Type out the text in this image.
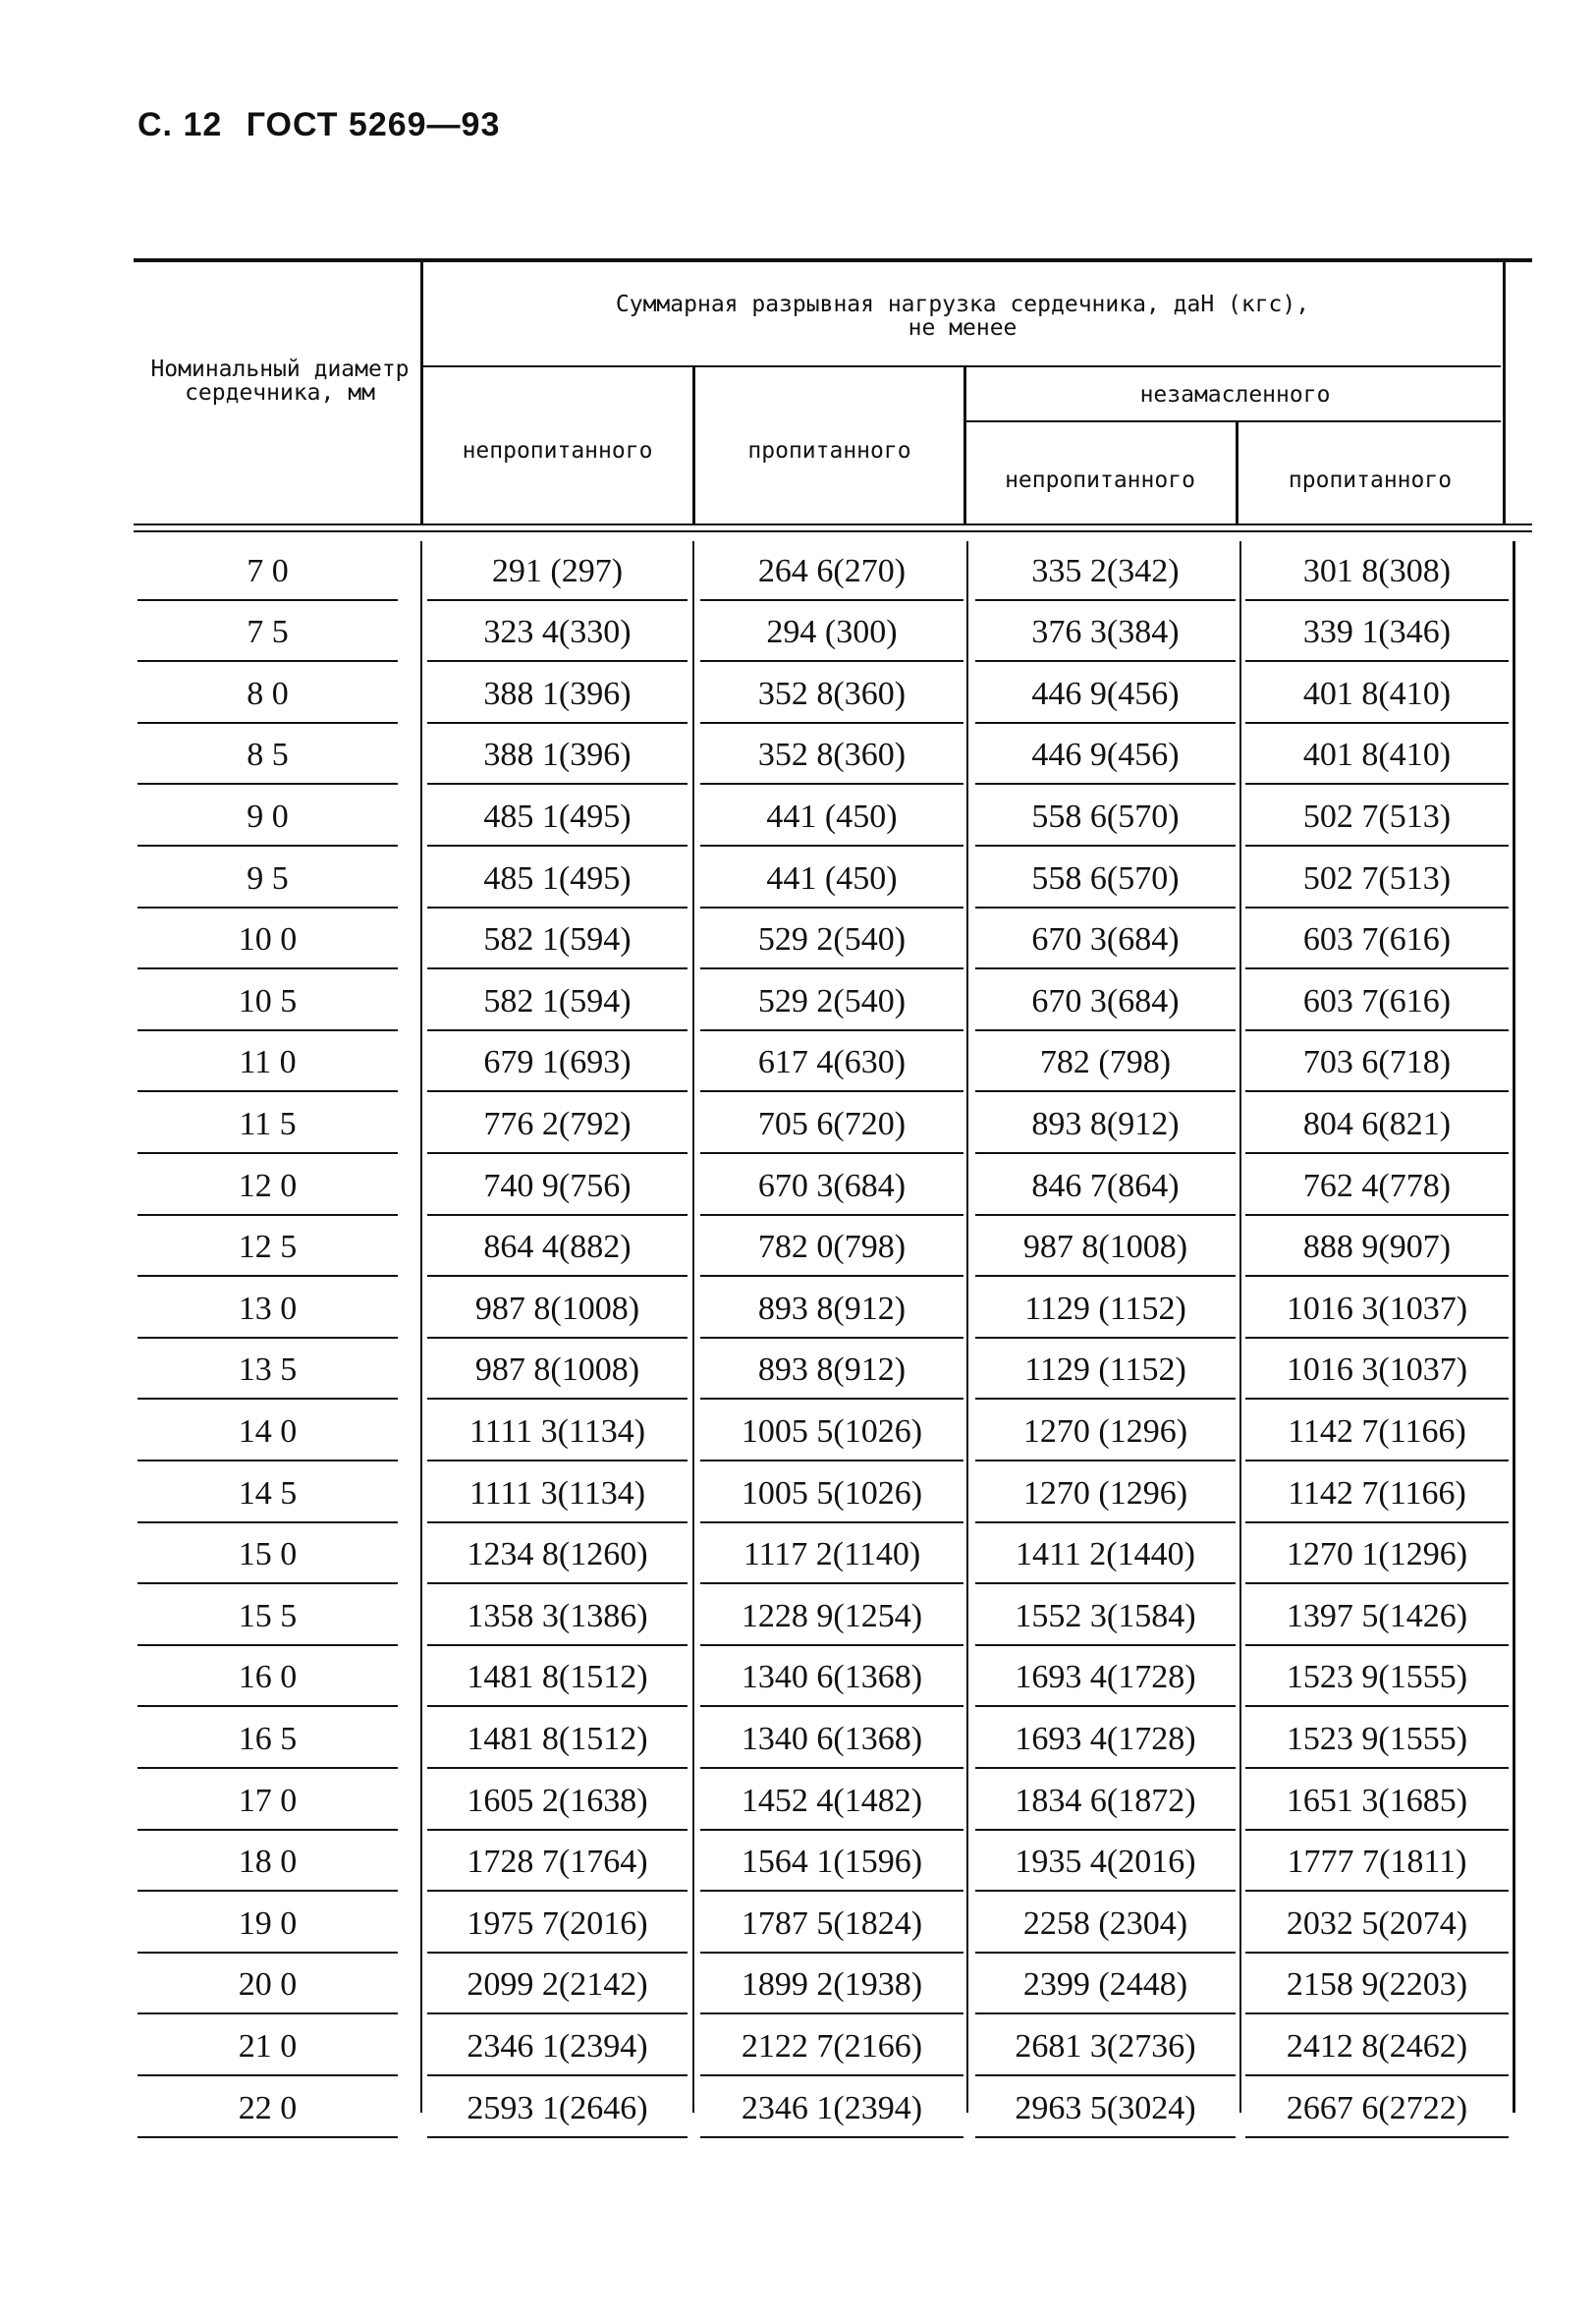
С. 12 ГОСТ 5269—93
Номинальный диаметр сердечника, мм
Суммарная разрывная нагрузка сердечника, даН (кгс),
не менее
непропитанного	пропитанного
незамасленного
непропитанного	пропитанного
7 0	291 (297)	264 6(270)	335 2(342)	301 8(308)
7 5	323 4(330)	294 (300)	376 3(384)	339 1(346)
8 0	388 1(396)	352 8(360)	446 9(456)	401 8(410)
8 5	388 1(396)	352 8(360)	446 9(456)	401 8(410)
9 0	485 1(495)	441 (450)	558 6(570)	502 7(513)
9 5	485 1(495)	441 (450)	558 6(570)	502 7(513)
10 0	582 1(594)	529 2(540)	670 3(684)	603 7(616)
10 5	582 1(594)	529 2(540)	670 3(684)	603 7(616)
11 0	679 1(693)	617 4(630)	782 (798)	703 6(718)
11 5	776 2(792)	705 6(720)	893 8(912)	804 6(821)
12 0	740 9(756)	670 3(684)	846 7(864)	762 4(778)
12 5	864 4(882)	782 0(798)	987 8(1008)	888 9(907)
13 0	987 8(1008)	893 8(912)	1129 (1152)	1016 3(1037)
13 5	987 8(1008)	893 8(912)	1129 (1152)	1016 3(1037)
14 0	1111 3(1134)	1005 5(1026)	1270 (1296)	1142 7(1166)
14 5	1111 3(1134)	1005 5(1026)	1270 (1296)	1142 7(1166)
15 0	1234 8(1260)	1117 2(1140)	1411 2(1440)	1270 1(1296)
15 5	1358 3(1386)	1228 9(1254)	1552 3(1584)	1397 5(1426)
16 0	1481 8(1512)	1340 6(1368)	1693 4(1728)	1523 9(1555)
16 5	1481 8(1512)	1340 6(1368)	1693 4(1728)	1523 9(1555)
17 0	1605 2(1638)	1452 4(1482)	1834 6(1872)	1651 3(1685)
18 0	1728 7(1764)	1564 1(1596)	1935 4(2016)	1777 7(1811)
19 0	1975 7(2016)	1787 5(1824)	2258 (2304)	2032 5(2074)
20 0	2099 2(2142)	1899 2(1938)	2399 (2448)	2158 9(2203)
21 0	2346 1(2394)	2122 7(2166)	2681 3(2736)	2412 8(2462)
22 0	2593 1(2646)	2346 1(2394)	2963 5(3024)	2667 6(2722)
